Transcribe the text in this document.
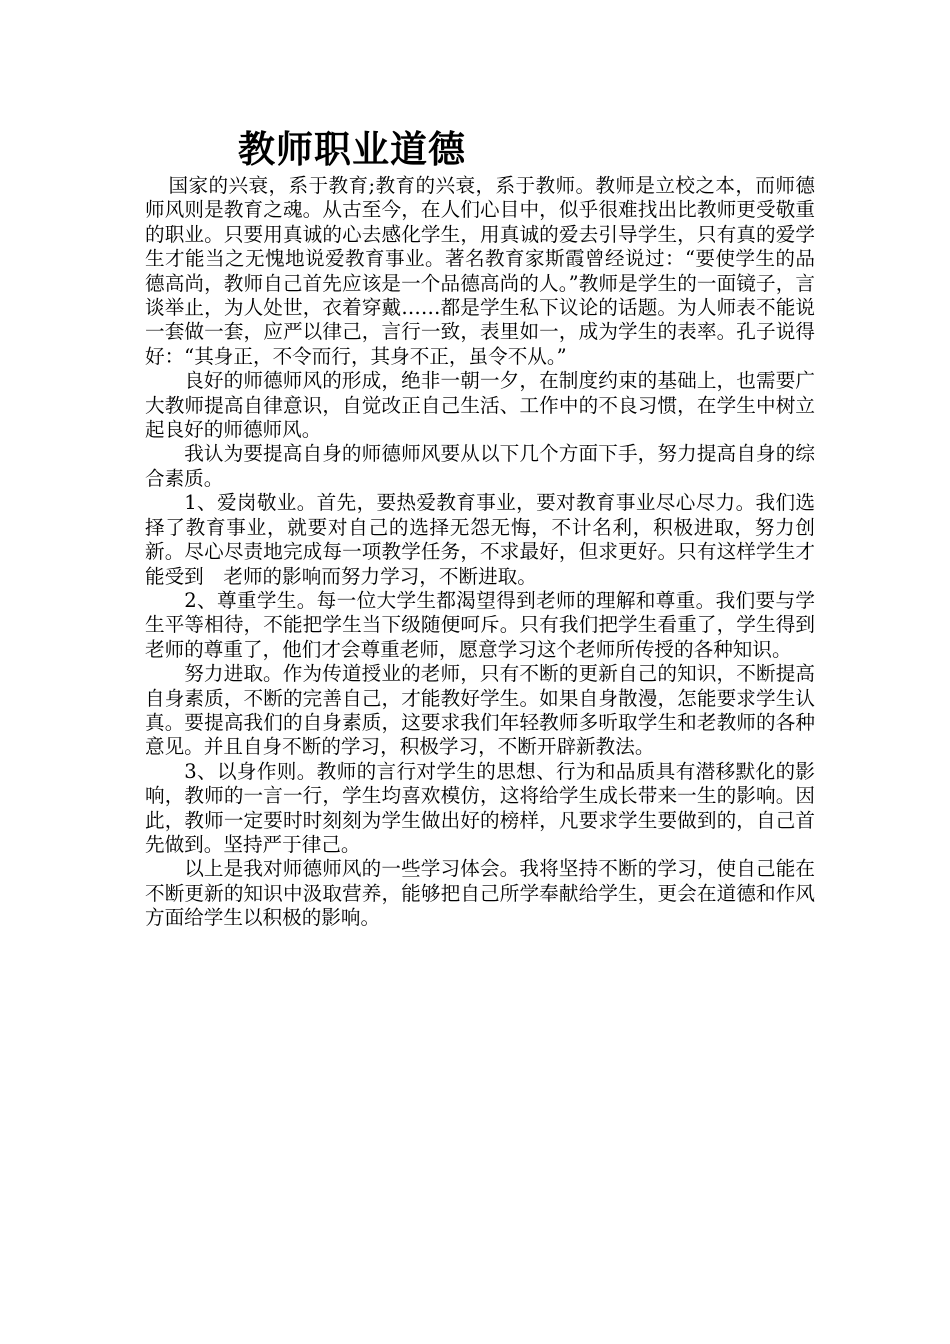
教师职业道德

国家的兴衰，系于教育;教育的兴衰，系于教师。教师是立校之本，而师德师风则是教育之魂。从古至今，在人们心目中，似乎很难找出比教师更受敬重的职业。只要用真诚的心去感化学生，用真诚的爱去引导学生，只有真的爱学生才能当之无愧地说爱教育事业。著名教育家斯霞曾经说过：“要使学生的品德高尚，教师自己首先应该是一个品德高尚的人。”教师是学生的一面镜子，言谈举止，为人处世，衣着穿戴……都是学生私下议论的话题。为人师表不能说一套做一套，应严以律己，言行一致，表里如一，成为学生的表率。孔子说得好：“其身正，不令而行，其身不正，虽令不从。”

良好的师德师风的形成，绝非一朝一夕，在制度约束的基础上，也需要广大教师提高自律意识，自觉改正自己生活、工作中的不良习惯，在学生中树立起良好的师德师风。

我认为要提高自身的师德师风要从以下几个方面下手，努力提高自身的综合素质。

1、爱岗敬业。首先，要热爱教育事业，要对教育事业尽心尽力。我们选择了教育事业，就要对自己的选择无怨无悔，不计名利，积极进取，努力创新。尽心尽责地完成每一项教学任务，不求最好，但求更好。只有这样学生才　能受到　老师的影响而努力学习，不断进取。

2、尊重学生。每一位大学生都渴望得到老师的理解和尊重。我们要与学生平等相待，不能把学生当下级随便呵斥。只有我们把学生看重了，学生得到老师的尊重了，他们才会尊重老师，愿意学习这个老师所传授的各种知识。

努力进取。作为传道授业的老师，只有不断的更新自己的知识，不断提高自身素质，不断的完善自己，才能教好学生。如果自身散漫，怎能要求学生认真。要提高我们的自身素质，这要求我们年轻教师多听取学生和老教师的各种意见。并且自身不断的学习，积极学习，不断开辟新教法。

3、以身作则。教师的言行对学生的思想、行为和品质具有潜移默化的影响，教师的一言一行，学生均喜欢模仿，这将给学生成长带来一生的影响。因此，教师一定要时时刻刻为学生做出好的榜样，凡要求学生要做到的，自己首先做到。坚持严于律己。

以上是我对师德师风的一些学习体会。我将坚持不断的学习，使自己能在不断更新的知识中汲取营养，能够把自己所学奉献给学生，更会在道德和作风方面给学生以积极的影响。
